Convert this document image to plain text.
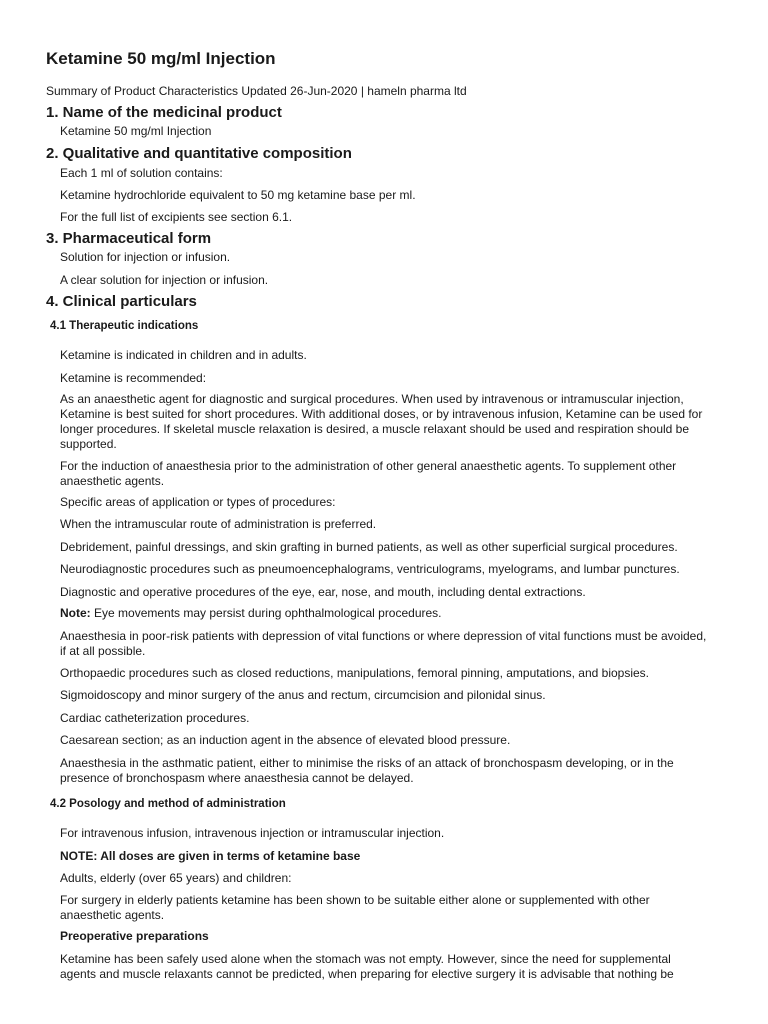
Ketamine 50 mg/ml Injection

Summary of Product Characteristics Updated 26-Jun-2020 | hameln pharma ltd

1. Name of the medicinal product

Ketamine 50 mg/ml Injection

2. Qualitative and quantitative composition

Each 1 ml of solution contains:

Ketamine hydrochloride equivalent to 50 mg ketamine base per ml.

For the full list of excipients see section 6.1.

3. Pharmaceutical form

Solution for injection or infusion.

A clear solution for injection or infusion.

4. Clinical particulars
4.1 Therapeutic indications

Ketamine is indicated in children and in adults.

Ketamine is recommended:

As an anaesthetic agent for diagnostic and surgical procedures. When used by intravenous or intramuscular injection, Ketamine is best suited for short procedures. With additional doses, or by intravenous infusion, Ketamine can be used for longer procedures. If skeletal muscle relaxation is desired, a muscle relaxant should be used and respiration should be supported.

For the induction of anaesthesia prior to the administration of other general anaesthetic agents. To supplement other anaesthetic agents.

Specific areas of application or types of procedures:

When the intramuscular route of administration is preferred.

Debridement, painful dressings, and skin grafting in burned patients, as well as other superficial surgical procedures.

Neurodiagnostic procedures such as pneumoencephalograms, ventriculograms, myelograms, and lumbar punctures.

Diagnostic and operative procedures of the eye, ear, nose, and mouth, including dental extractions.

Note: Eye movements may persist during ophthalmological procedures.

Anaesthesia in poor-risk patients with depression of vital functions or where depression of vital functions must be avoided, if at all possible.

Orthopaedic procedures such as closed reductions, manipulations, femoral pinning, amputations, and biopsies.

Sigmoidoscopy and minor surgery of the anus and rectum, circumcision and pilonidal sinus.

Cardiac catheterization procedures.

Caesarean section; as an induction agent in the absence of elevated blood pressure.

Anaesthesia in the asthmatic patient, either to minimise the risks of an attack of bronchospasm developing, or in the presence of bronchospasm where anaesthesia cannot be delayed.

4.2 Posology and method of administration

For intravenous infusion, intravenous injection or intramuscular injection.

NOTE: All doses are given in terms of ketamine base

Adults, elderly (over 65 years) and children:

For surgery in elderly patients ketamine has been shown to be suitable either alone or supplemented with other anaesthetic agents.

Preoperative preparations

Ketamine has been safely used alone when the stomach was not empty. However, since the need for supplemental agents and muscle relaxants cannot be predicted, when preparing for elective surgery it is advisable that nothing be
